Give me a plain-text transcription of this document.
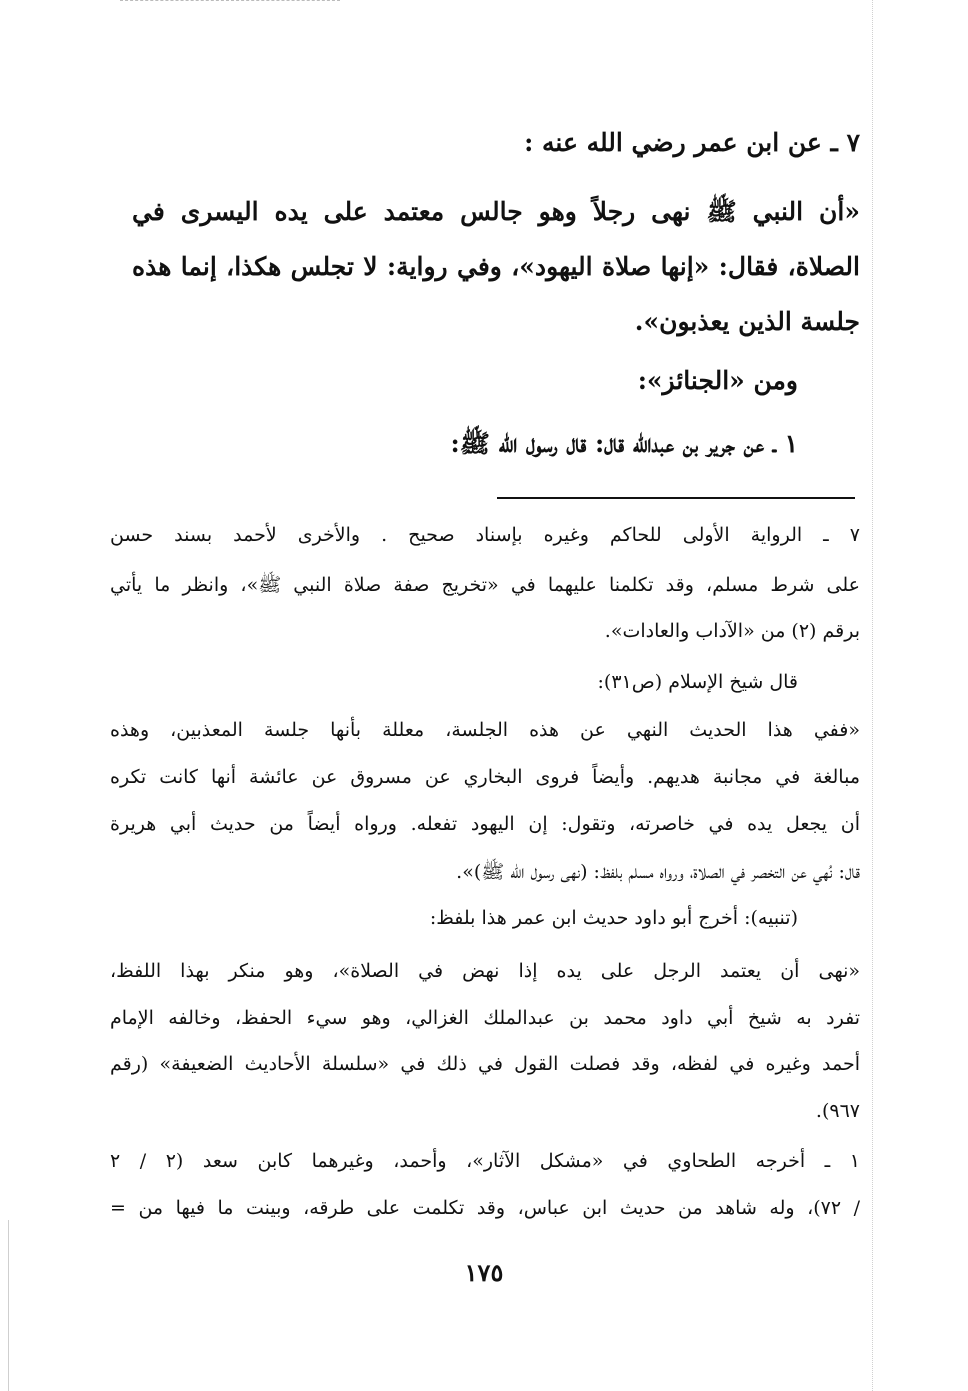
٧ ـ عن ابن عمر رضي الله عنه :
«أن النبي ﷺ نهى رجلاً وهو جالس معتمد على يده اليسرى في
الصلاة، فقال: «إنها صلاة اليهود»، وفي رواية: لا تجلس هكذا، إنما هذه
جلسة الذين يعذبون».
ومن «الجنائز»:
١ ـ عن جرير بن عبدالله قال: قال رسول الله ﷺ:
٧ ـ الرواية الأولى للحاكم وغيره بإسناد صحيح . والأخرى لأحمد بسند حسن
على شرط مسلم، وقد تكلمنا عليهما في «تخريج صفة صلاة النبي ﷺ»، وانظر ما يأتي
برقم (٢) من «الآداب والعادات».
قال شيخ الإسلام (ص٣١):
«ففي هذا الحديث النهي عن هذه الجلسة، معللة بأنها جلسة المعذبين، وهذه
مبالغة في مجانبة هديهم. وأيضاً فروى البخاري عن مسروق عن عائشة أنها كانت تكره
أن يجعل يده في خاصرته، وتقول: إن اليهود تفعله. ورواه أيضاً من حديث أبي هريرة
قال: نُهي عن التخصر في الصلاة، ورواه مسلم بلفظ: (نهى رسول الله ﷺ)».
(تنبيه): أخرج أبو داود حديث ابن عمر هذا بلفظ:
«نهى أن يعتمد الرجل على يده إذا نهض في الصلاة»، وهو منكر بهذا اللفظ،
تفرد به شيخ أبي داود محمد بن عبدالملك الغزالي، وهو سيء الحفظ، وخالفه الإمام
أحمد وغيره في لفظه، وقد فصلت القول في ذلك في «سلسلة الأحاديث الضعيفة» (رقم
٩٦٧).
١ ـ أخرجه الطحاوي في «مشكل الآثار»، وأحمد، وغيرهما كابن سعد (٢ / ٢
/ ٧٢)، وله شاهد من حديث ابن عباس، وقد تكلمت على طرقه، وبينت ما فيها من =
١٧٥
